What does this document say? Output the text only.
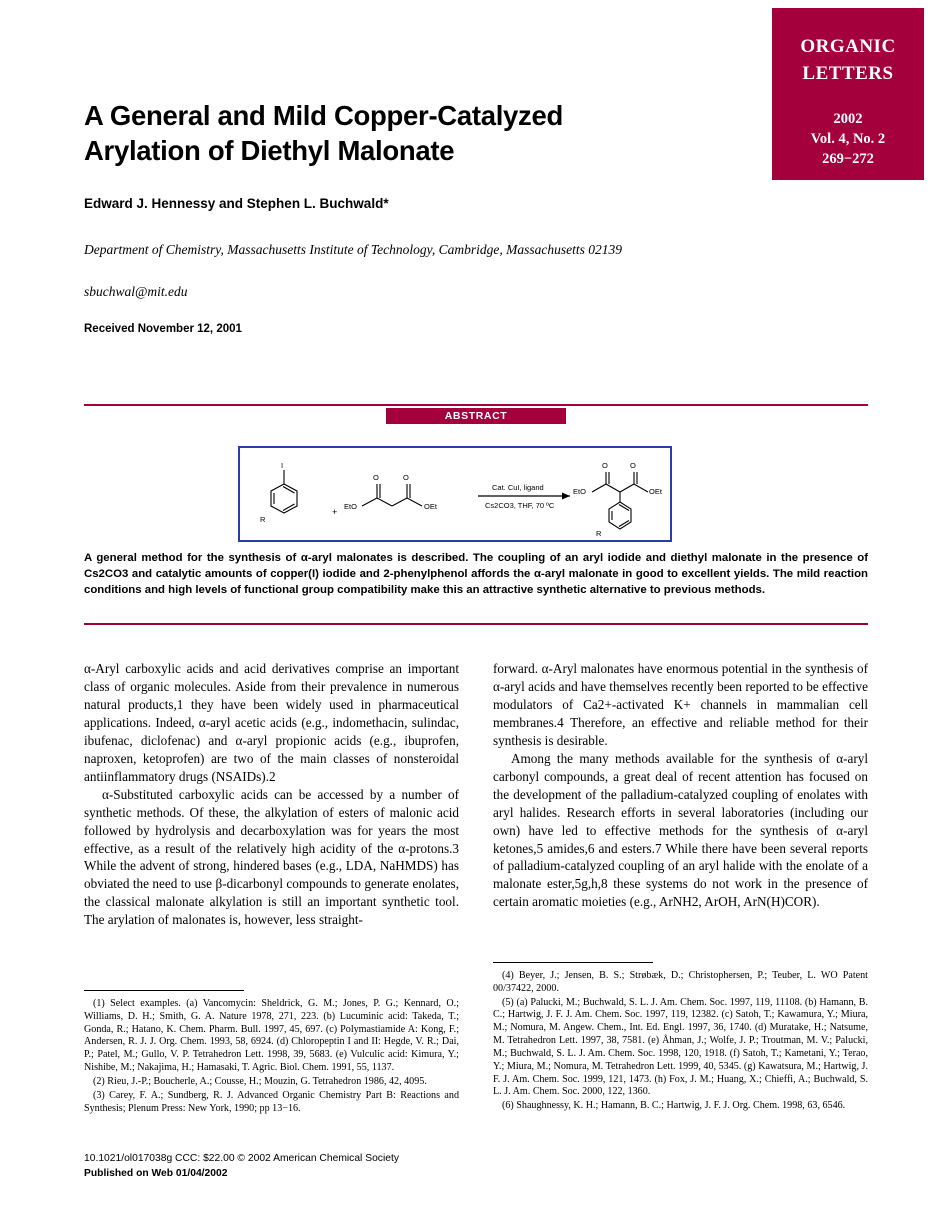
ORGANIC
LETTERS
2002
Vol. 4, No. 2
269−272
A General and Mild Copper-Catalyzed Arylation of Diethyl Malonate
Edward J. Hennessy and Stephen L. Buchwald*
Department of Chemistry, Massachusetts Institute of Technology, Cambridge, Massachusetts 02139
sbuchwal@mit.edu
Received November 12, 2001
ABSTRACT
I
R
+
EtO	OEt
O	O
EtO	OEt
O	O
R
Cat. CuI, ligand
Cs2CO3, THF, 70 ºC
A general method for the synthesis of α-aryl malonates is described. The coupling of an aryl iodide and diethyl malonate in the presence of Cs2CO3 and catalytic amounts of copper(I) iodide and 2-phenylphenol affords the α-aryl malonate in good to excellent yields. The mild reaction conditions and high levels of functional group compatibility make this an attractive synthetic alternative to previous methods.

α-Aryl carboxylic acids and acid derivatives comprise an important class of organic molecules. Aside from their prevalence in numerous natural products,1 they have been widely used in pharmaceutical applications. Indeed, α-aryl acetic acids (e.g., indomethacin, sulindac, ibufenac, diclofenac) and α-aryl propionic acids (e.g., ibuprofen, naproxen, ketoprofen) are two of the main classes of nonsteroidal antiinflammatory drugs (NSAIDs).2

α-Substituted carboxylic acids can be accessed by a number of synthetic methods. Of these, the alkylation of esters of malonic acid followed by hydrolysis and decarboxylation was for years the most effective, as a result of the relatively high acidity of the α-protons.3 While the advent of strong, hindered bases (e.g., LDA, NaHMDS) has obviated the need to use β-dicarbonyl compounds to generate enolates, the classical malonate alkylation is still an important synthetic tool. The arylation of malonates is, however, less straight-

forward. α-Aryl malonates have enormous potential in the synthesis of α-aryl acids and have themselves recently been reported to be effective modulators of Ca2+-activated K+ channels in mammalian cell membranes.4 Therefore, an effective and reliable method for their synthesis is desirable.

Among the many methods available for the synthesis of α-aryl carbonyl compounds, a great deal of recent attention has focused on the development of the palladium-catalyzed coupling of enolates with aryl halides. Research efforts in several laboratories (including our own) have led to effective methods for the synthesis of α-aryl ketones,5 amides,6 and esters.7 While there have been several reports of palladium-catalyzed coupling of an aryl halide with the enolate of a malonate ester,5g,h,8 these systems do not work in the presence of certain aromatic moieties (e.g., ArNH2, ArOH, ArN(H)COR).

(1) Select examples. (a) Vancomycin: Sheldrick, G. M.; Jones, P. G.; Kennard, O.; Williams, D. H.; Smith, G. A. Nature 1978, 271, 223. (b) Lucuminic acid: Takeda, T.; Gonda, R.; Hatano, K. Chem. Pharm. Bull. 1997, 45, 697. (c) Polymastiamide A: Kong, F.; Andersen, R. J. J. Org. Chem. 1993, 58, 6924. (d) Chloropeptin I and II: Hegde, V. R.; Dai, P.; Patel, M.; Gullo, V. P. Tetrahedron Lett. 1998, 39, 5683. (e) Vulculic acid: Kimura, Y.; Nishibe, M.; Nakajima, H.; Hamasaki, T. Agric. Biol. Chem. 1991, 55, 1137.

(2) Rieu, J.-P.; Boucherle, A.; Cousse, H.; Mouzin, G. Tetrahedron 1986, 42, 4095.

(3) Carey, F. A.; Sundberg, R. J. Advanced Organic Chemistry Part B: Reactions and Synthesis; Plenum Press: New York, 1990; pp 13−16.

(4) Beyer, J.; Jensen, B. S.; Strøbæk, D.; Christophersen, P.; Teuber, L. WO Patent 00/37422, 2000.

(5) (a) Palucki, M.; Buchwald, S. L. J. Am. Chem. Soc. 1997, 119, 11108. (b) Hamann, B. C.; Hartwig, J. F. J. Am. Chem. Soc. 1997, 119, 12382. (c) Satoh, T.; Kawamura, Y.; Miura, M.; Nomura, M. Angew. Chem., Int. Ed. Engl. 1997, 36, 1740. (d) Muratake, H.; Natsume, M. Tetrahedron Lett. 1997, 38, 7581. (e) Åhman, J.; Wolfe, J. P.; Troutman, M. V.; Palucki, M.; Buchwald, S. L. J. Am. Chem. Soc. 1998, 120, 1918. (f) Satoh, T.; Kametani, Y.; Terao, Y.; Miura, M.; Nomura, M. Tetrahedron Lett. 1999, 40, 5345. (g) Kawatsura, M.; Hartwig, J. F. J. Am. Chem. Soc. 1999, 121, 1473. (h) Fox, J. M.; Huang, X.; Chieffi, A.; Buchwald, S. L. J. Am. Chem. Soc. 2000, 122, 1360.

(6) Shaughnessy, K. H.; Hamann, B. C.; Hartwig, J. F. J. Org. Chem. 1998, 63, 6546.

10.1021/ol017038g CCC: $22.00 © 2002 American Chemical Society
Published on Web 01/04/2002
